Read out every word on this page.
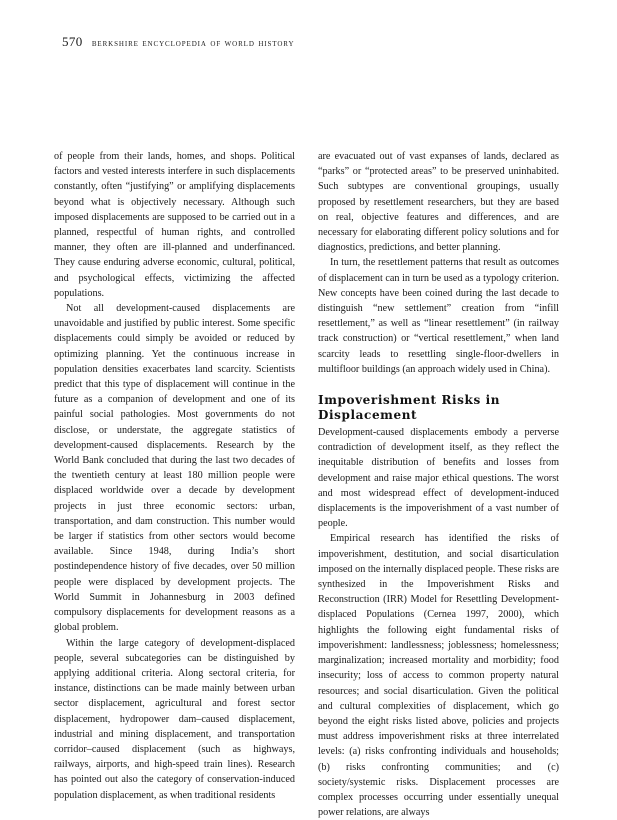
570 berkshire encyclopedia of world history

of people from their lands, homes, and shops. Political factors and vested interests interfere in such displacements constantly, often “justifying” or amplifying displacements beyond what is objectively necessary. Although such imposed displacements are supposed to be carried out in a planned, respectful of human rights, and controlled manner, they often are ill-planned and underfinanced. They cause enduring adverse economic, cultural, political, and psychological effects, victimizing the affected populations.

Not all development-caused displacements are unavoidable and justified by public interest. Some specific displacements could simply be avoided or reduced by optimizing planning. Yet the continuous increase in population densities exacerbates land scarcity. Scientists predict that this type of displacement will continue in the future as a companion of development and one of its painful social pathologies. Most governments do not disclose, or understate, the aggregate statistics of development-caused displacements. Research by the World Bank concluded that during the last two decades of the twentieth century at least 180 million people were displaced worldwide over a decade by development projects in just three economic sectors: urban, transportation, and dam construction. This number would be larger if statistics from other sectors would become available. Since 1948, during India’s short postindependence history of five decades, over 50 million people were displaced by development projects. The World Summit in Johannesburg in 2003 defined compulsory displacements for development reasons as a global problem.

Within the large category of development-displaced people, several subcategories can be distinguished by applying additional criteria. Along sectoral criteria, for instance, distinctions can be made mainly between urban sector displacement, agricultural and forest sector displacement, hydropower dam–caused displacement, industrial and mining displacement, and transportation corridor–caused displacement (such as highways, railways, airports, and high-speed train lines). Research has pointed out also the category of conservation-induced population displacement, as when traditional residents

are evacuated out of vast expanses of lands, declared as “parks” or “protected areas” to be preserved uninhabited. Such subtypes are conventional groupings, usually proposed by resettlement researchers, but they are based on real, objective features and differences, and are necessary for elaborating different policy solutions and for diagnostics, predictions, and better planning.

In turn, the resettlement patterns that result as outcomes of displacement can in turn be used as a typology criterion. New concepts have been coined during the last decade to distinguish “new settlement” creation from “infill resettlement,” as well as “linear resettlement” (in railway track construction) or “vertical resettlement,” when land scarcity leads to resettling single-floor-dwellers in multifloor buildings (an approach widely used in China).

Impoverishment Risks in Displacement

Development-caused displacements embody a perverse contradiction of development itself, as they reflect the inequitable distribution of benefits and losses from development and raise major ethical questions. The worst and most widespread effect of development-induced displacements is the impoverishment of a vast number of people.

Empirical research has identified the risks of impoverishment, destitution, and social disarticulation imposed on the internally displaced people. These risks are synthesized in the Impoverishment Risks and Reconstruction (IRR) Model for Resettling Development-displaced Populations (Cernea 1997, 2000), which highlights the following eight fundamental risks of impoverishment: landlessness; joblessness; homelessness; marginalization; increased mortality and morbidity; food insecurity; loss of access to common property natural resources; and social disarticulation. Given the political and cultural complexities of displacement, which go beyond the eight risks listed above, policies and projects must address impoverishment risks at three interrelated levels: (a) risks confronting individuals and households; (b) risks confronting communities; and (c) society/systemic risks. Displacement processes are complex processes occurring under essentially unequal power relations, are always
